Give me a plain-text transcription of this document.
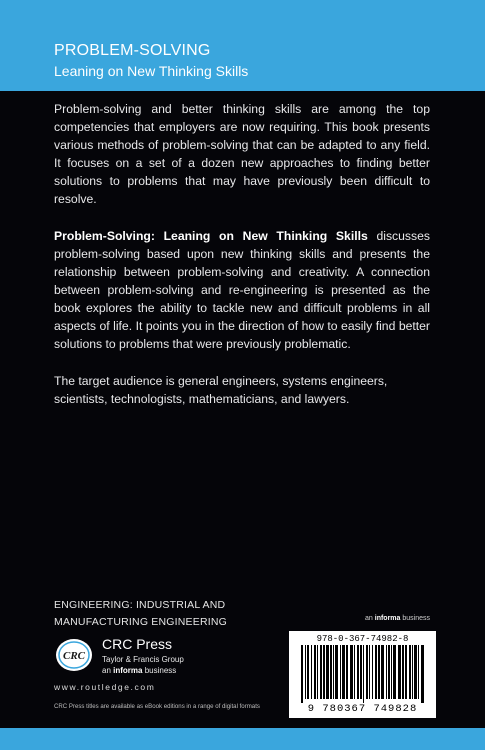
PROBLEM-SOLVING
Leaning on New Thinking Skills

Problem-solving and better thinking skills are among the top competencies that employers are now requiring. This book presents various methods of problem-solving that can be adapted to any field. It focuses on a set of a dozen new approaches to finding better solutions to problems that may have previously been difficult to resolve.

Problem-Solving: Leaning on New Thinking Skills discusses problem-solving based upon new thinking skills and presents the relationship between problem-solving and creativity. A connection between problem-solving and re-engineering is presented as the book explores the ability to tackle new and difficult problems in all aspects of life. It points you in the direction of how to easily find better solutions to problems that were previously problematic.

The target audience is general engineers, systems engineers, scientists, technologists, mathematicians, and lawyers.

ENGINEERING: INDUSTRIAL AND
MANUFACTURING ENGINEERING	an informa business
CRC
CRC Press
Taylor & Francis Group
an informa business
www.routledge.com
CRC Press titles are available as eBook editions in a range of digital formats
978-0-367-74982-8
9 780367 749828
